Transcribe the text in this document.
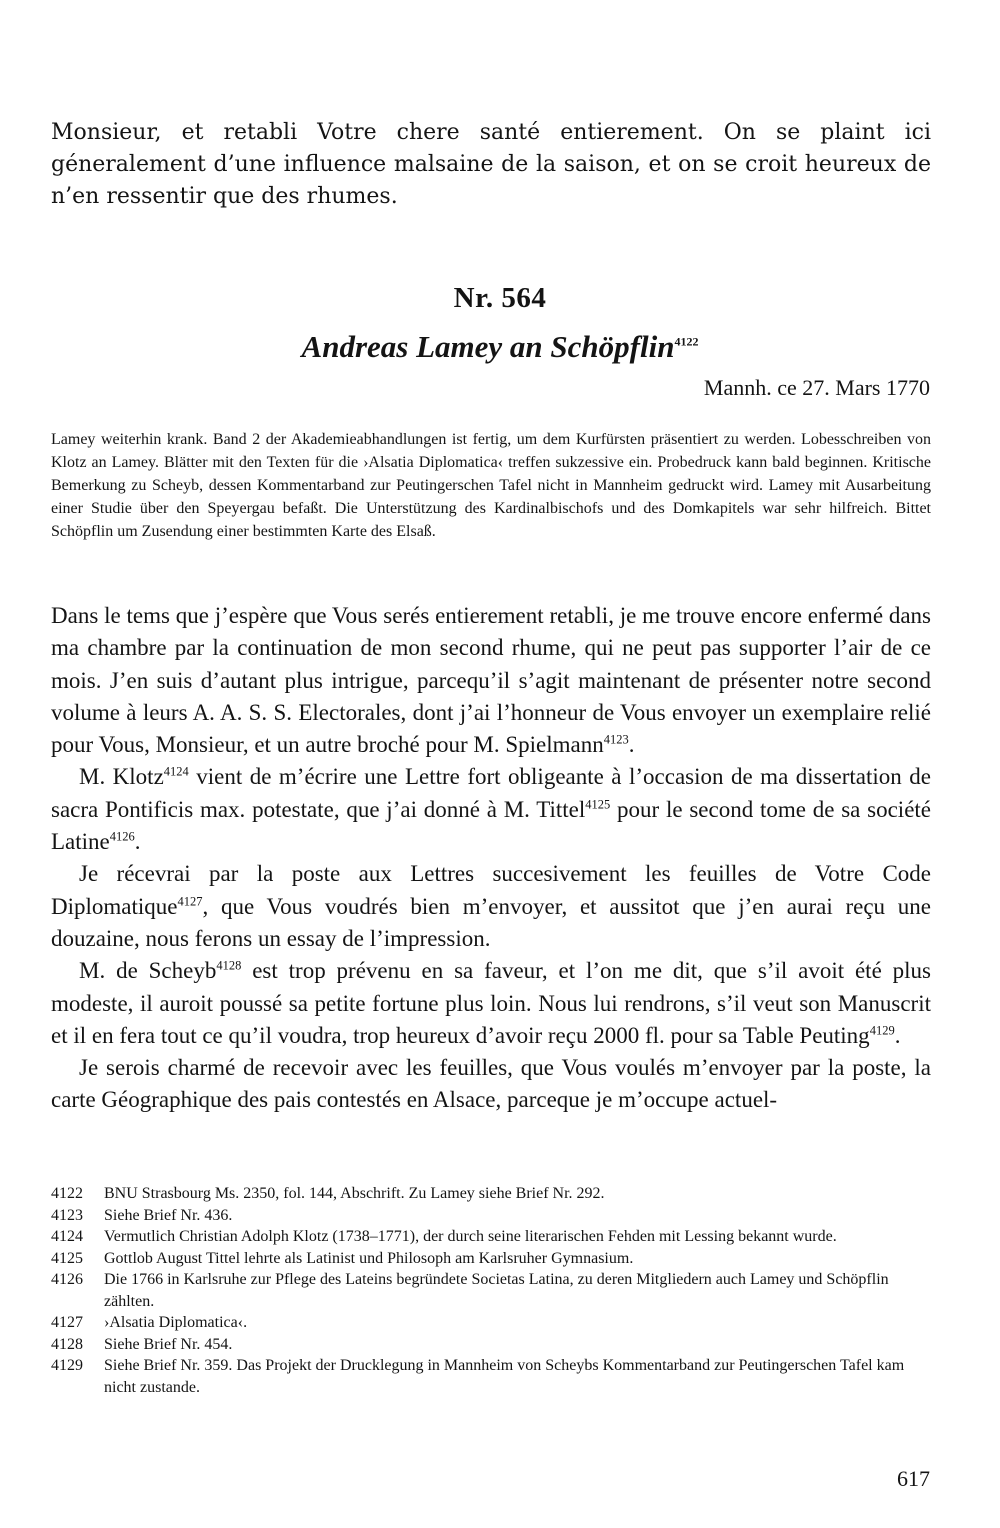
Monsieur, et retabli Votre chere santé entierement. On se plaint ici géneralement d’une influence malsaine de la saison, et on se croit heureux de n’en ressentir que des rhumes.

Nr. 564
Andreas Lamey an Schöpflin$^{4122}$

Mannh. ce 27. Mars 1770

Lamey weiterhin krank. Band 2 der Akademieabhandlungen ist fertig, um dem Kurfürsten präsentiert zu werden. Lobesschreiben von Klotz an Lamey. Blätter mit den Texten für die ›Alsatia Diplomatica‹ treffen sukzessive ein. Probedruck kann bald beginnen. Kritische Bemerkung zu Scheyb, dessen Kommentarband zur Peutingerschen Tafel nicht in Mannheim gedruckt wird. Lamey mit Ausarbeitung einer Studie über den Speyergau befaßt. Die Unterstützung des Kardinalbischofs und des Domkapitels war sehr hilfreich. Bittet Schöpflin um Zusendung einer bestimmten Karte des Elsaß.

Dans le tems que j’espère que Vous serés entierement retabli, je me trouve encore enfermé dans ma chambre par la continuation de mon second rhume, qui ne peut pas supporter l’air de ce mois. J’en suis d’autant plus intrigue, parcequ’il s’agit maintenant de présenter notre second volume à leurs A. A. S. S. Electorales, dont j’ai l’honneur de Vous envoyer un exemplaire relié pour Vous, Monsieur, et un autre broché pour M. Spielmann$^{4123}$.

M. Klotz$^{4124}$ vient de m’écrire une Lettre fort obligeante à l’occasion de ma dissertation de sacra Pontificis max. potestate, que j’ai donné à M. Tittel$^{4125}$ pour le second tome de sa société Latine$^{4126}$.

Je récevrai par la poste aux Lettres succesivement les feuilles de Votre Code Diplomatique$^{4127}$, que Vous voudrés bien m’envoyer, et aussitot que j’en aurai reçu une douzaine, nous ferons un essay de l’impression.

M. de Scheyb$^{4128}$ est trop prévenu en sa faveur, et l’on me dit, que s’il avoit été plus modeste, il auroit poussé sa petite fortune plus loin. Nous lui rendrons, s’il veut son Manuscrit et il en fera tout ce qu’il voudra, trop heureux d’avoir reçu 2000 fl. pour sa Table Peuting$^{4129}$.

Je serois charmé de recevoir avec les feuilles, que Vous voulés m’envoyer par la poste, la carte Géographique des pais contestés en Alsace, parceque je m’occupe actuel-

4122	BNU Strasbourg Ms. 2350, fol. 144, Abschrift. Zu Lamey siehe Brief Nr. 292.
4123	Siehe Brief Nr. 436.
4124	Vermutlich Christian Adolph Klotz (1738–1771), der durch seine literarischen Fehden mit Lessing bekannt wurde.
4125	Gottlob August Tittel lehrte als Latinist und Philosoph am Karlsruher Gymnasium.
4126	Die 1766 in Karlsruhe zur Pflege des Lateins begründete Societas Latina, zu deren Mitgliedern auch Lamey und Schöpflin zählten.
4127	›Alsatia Diplomatica‹.
4128	Siehe Brief Nr. 454.
4129	Siehe Brief Nr. 359. Das Projekt der Drucklegung in Mannheim von Scheybs Kommentarband zur Peutingerschen Tafel kam nicht zustande.

617
